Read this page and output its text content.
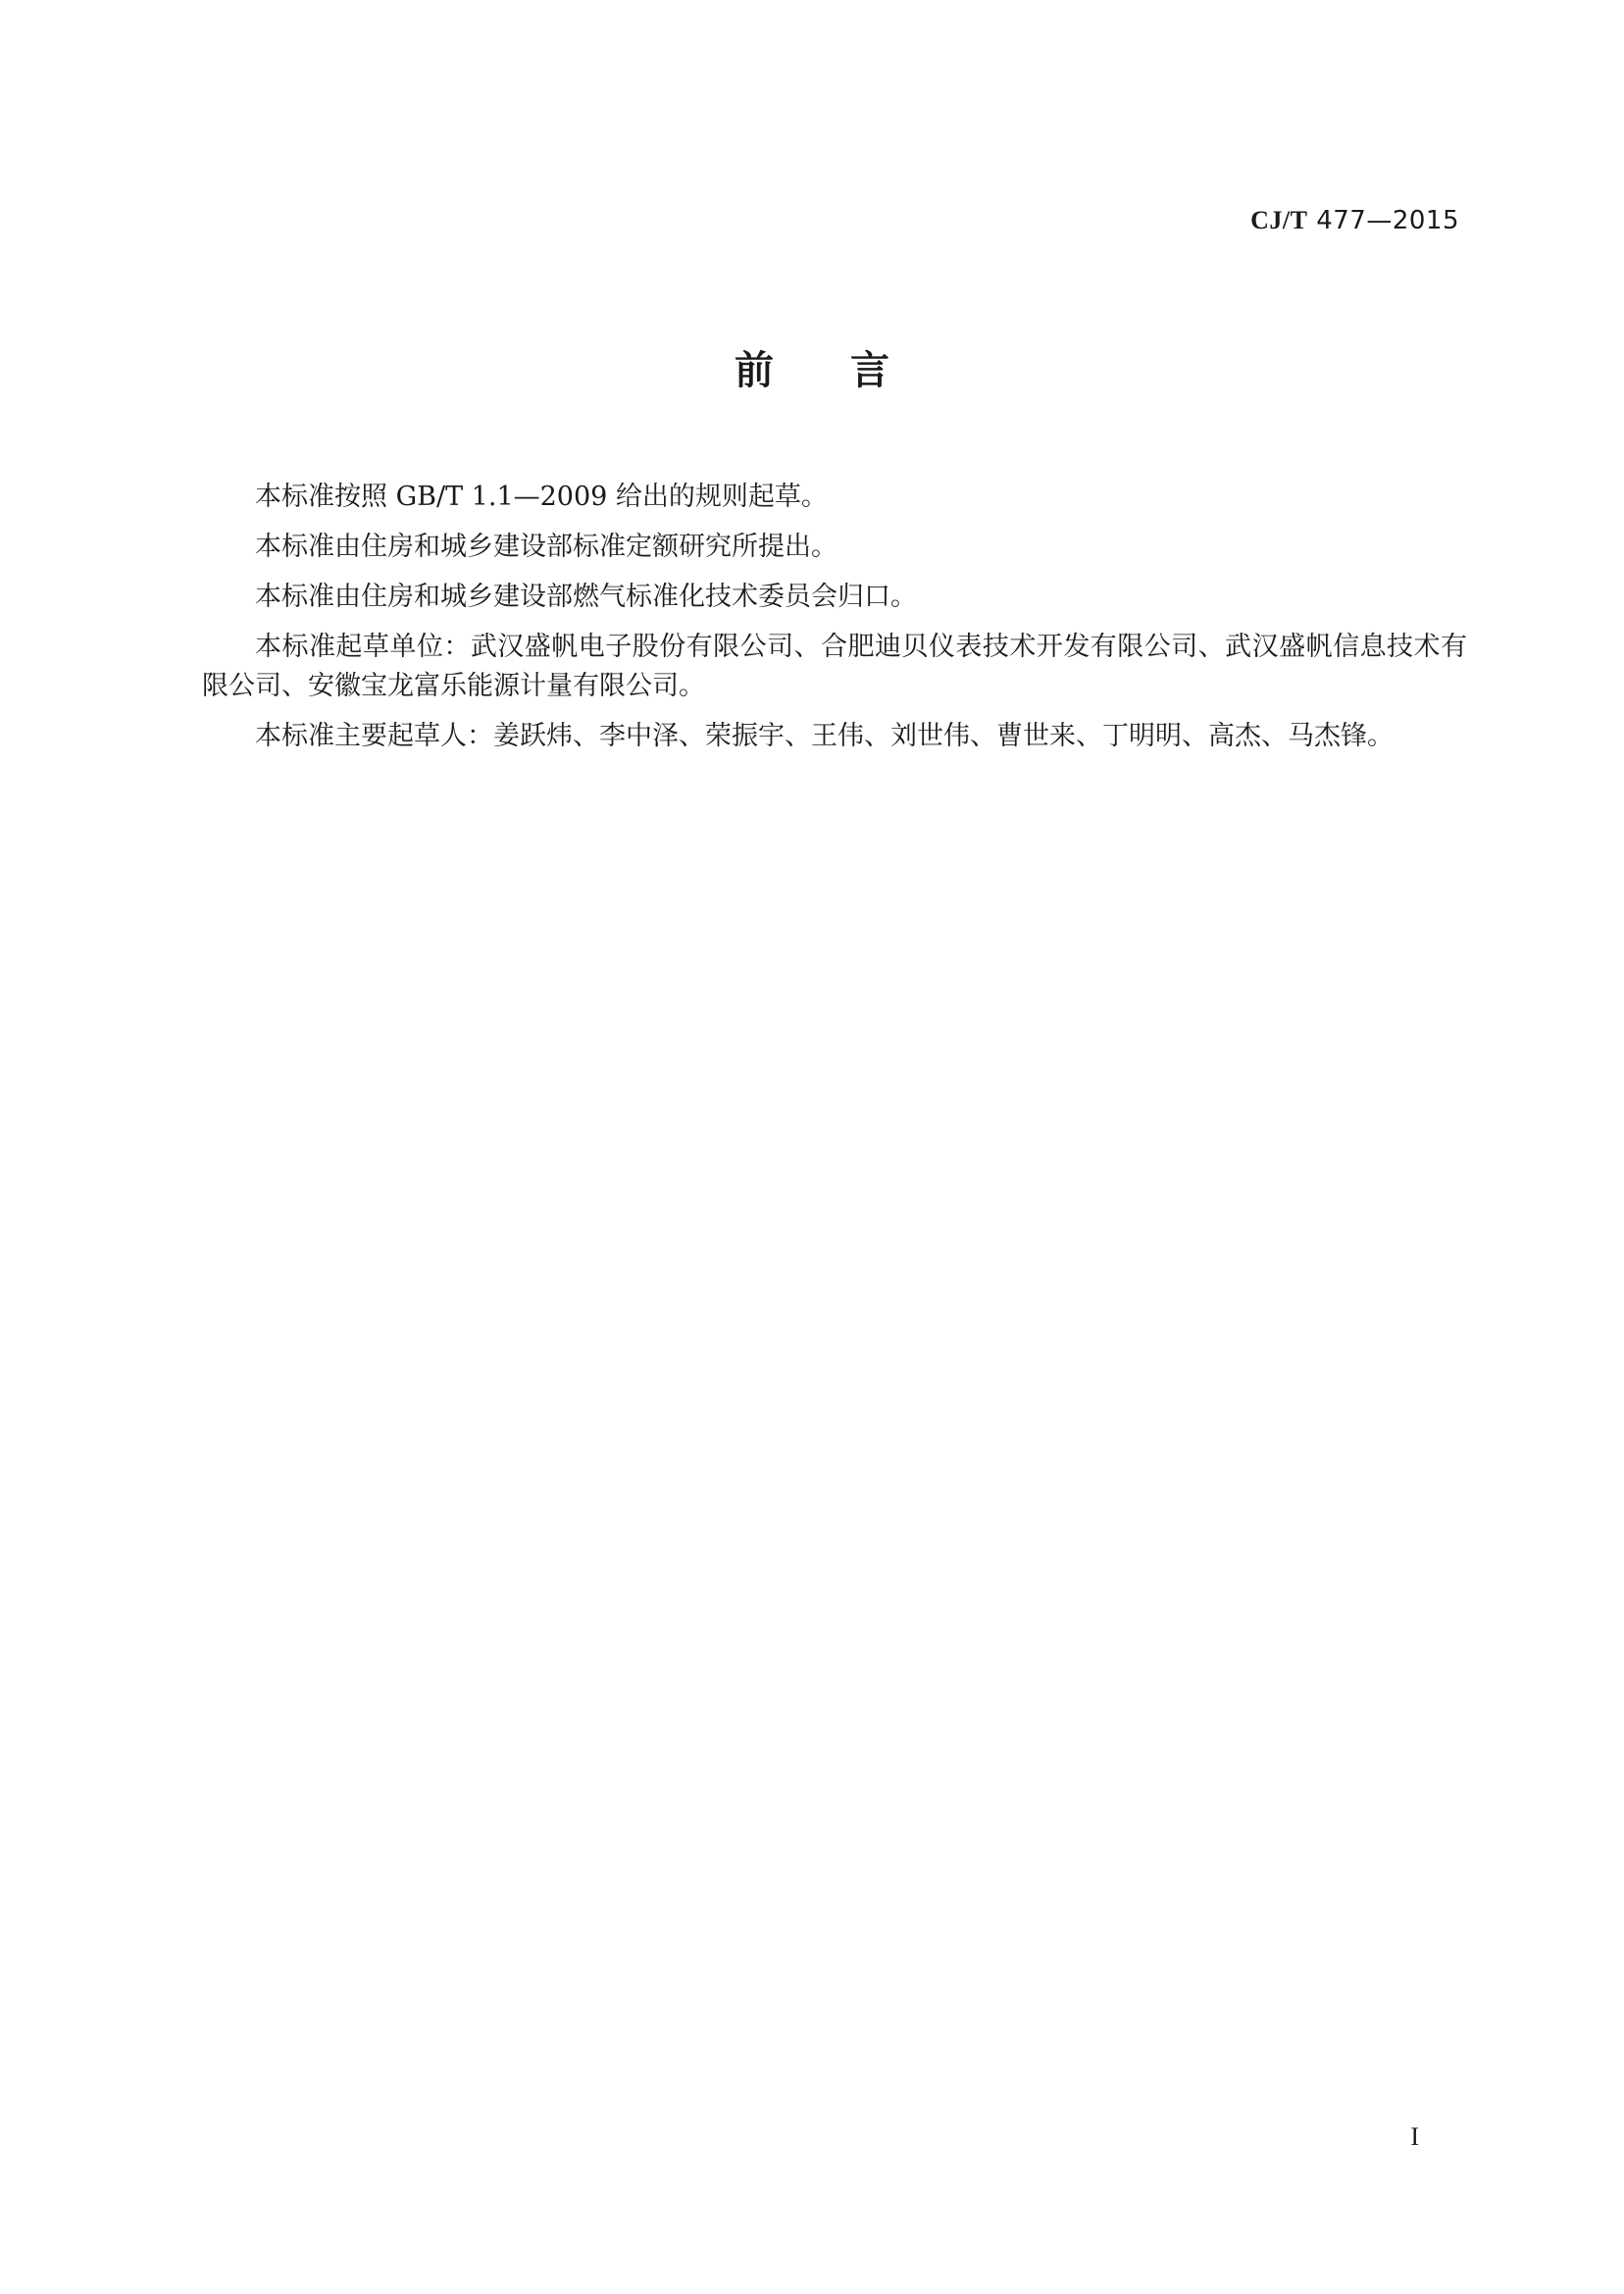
CJ/T 477—2015
前言

本标准按照 GB/T 1.1—2009 给出的规则起草。

本标准由住房和城乡建设部标准定额研究所提出。

本标准由住房和城乡建设部燃气标准化技术委员会归口。

本标准起草单位：武汉盛帆电子股份有限公司、合肥迪贝仪表技术开发有限公司、武汉盛帆信息技术有限公司、安徽宝龙富乐能源计量有限公司。

本标准主要起草人：姜跃炜、李中泽、荣振宇、王伟、刘世伟、曹世来、丁明明、高杰、马杰锋。

I
